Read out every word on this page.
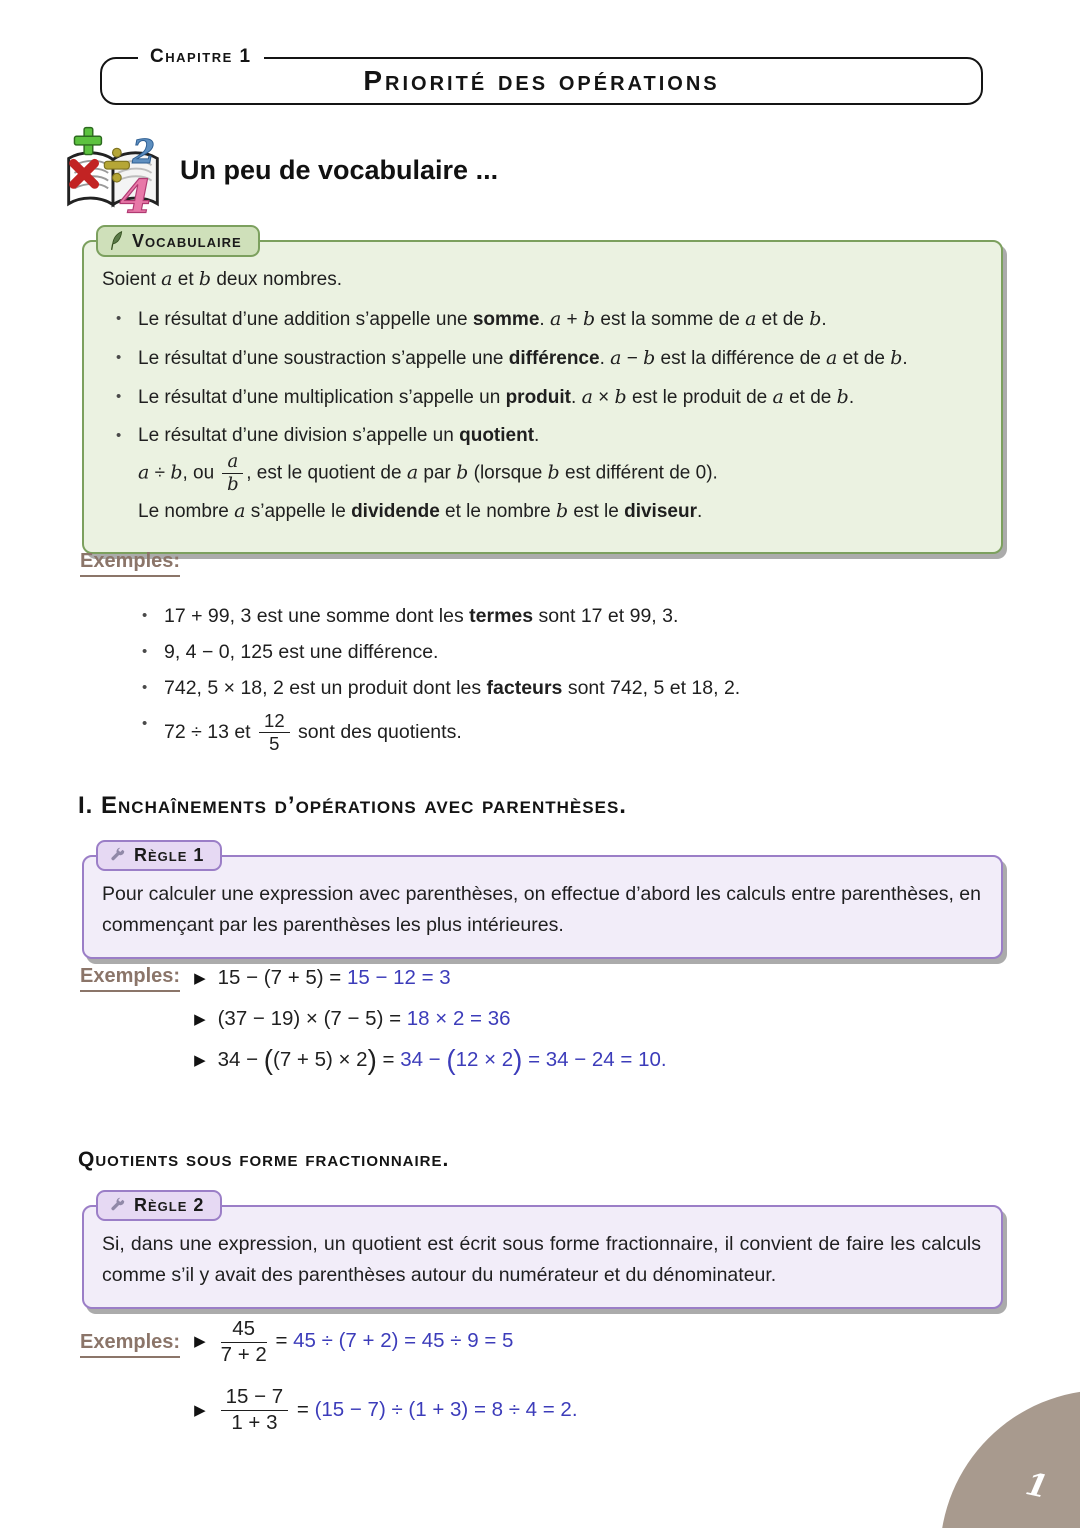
Chapitre 1
Priorité des opérations
2
4 Un peu de vocabulaire ...
Vocabulaire

Soient a et b deux nombres.

•
Le résultat d’une addition s’appelle une somme. a + b est la somme de a et de b.
•
Le résultat d’une soustraction s’appelle une différence. a − b est la différence de a et de b.
•
Le résultat d’une multiplication s’appelle un produit. a × b est le produit de a et de b.
•
Le résultat d’une division s’appelle un quotient.
a ÷ b, ou $\frac{a}{b}$ , est le quotient de a par b (lorsque b est différent de 0).
Le nombre a s’appelle le dividende et le nombre b est le diviseur.
Exemples:
•
17 + 99, 3 est une somme dont les termes sont 17 et 99, 3.
•
9, 4 − 0, 125 est une différence.
•
742, 5 × 18, 2 est un produit dont les facteurs sont 742, 5 et 18, 2.
•
72 ÷ 13 et $\frac{12}{5}$ sont des quotients.
I. Enchaînements d’opérations avec parenthèses.
Règle 1

Pour calculer une expression avec parenthèses, on effectue d’abord les calculs entre parenthèses, en commençant par les parenthèses les plus intérieures.

Exemples: ▶	15 − (7 + 5) = 15 − 12 = 3
▶(37 − 19) × (7 − 5) = 18 × 2 = 36
▶34 − ((7 + 5) × 2) = 34 − (12 × 2) = 34 − 24 = 10.
Quotients sous forme fractionnaire.
Règle 2

Si, dans une expression, un quotient est écrit sous forme fractionnaire, il convient de faire les calculs comme s’il y avait des parenthèses autour du numérateur et du dénominateur.

Exemples: ▶ $\frac{45}{7 + 2} = 45 \div (7 + 2) = 45 \div 9 = 5$
▶
$\frac{15 - 7}{1 + 3} = (15 - 7) \div (1 + 3) = 8 \div 4 = 2$.
1
